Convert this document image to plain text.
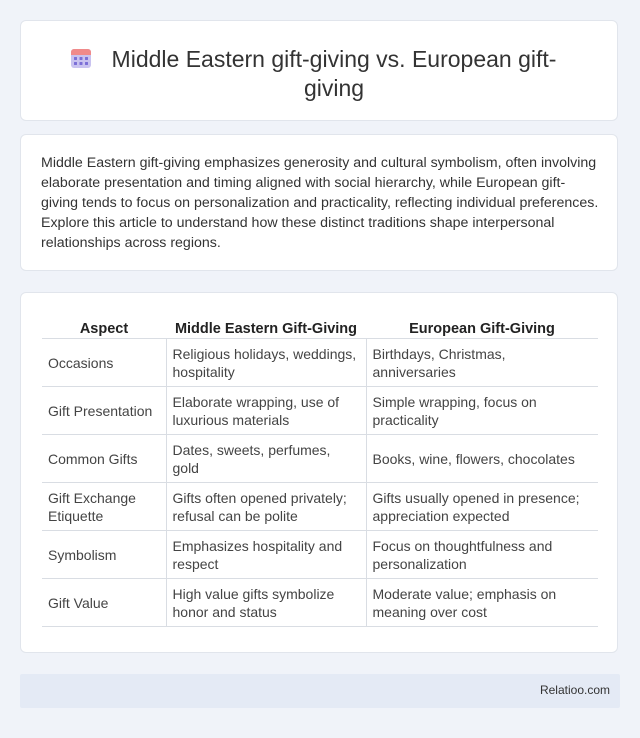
Middle Eastern gift-giving vs. European gift-giving
Middle Eastern gift-giving emphasizes generosity and cultural symbolism, often involving elaborate presentation and timing aligned with social hierarchy, while European gift-giving tends to focus on personalization and practicality, reflecting individual preferences. Explore this article to understand how these distinct traditions shape interpersonal relationships across regions.
Aspect	Middle Eastern Gift-Giving	European Gift-Giving
Occasions	Religious holidays, weddings, hospitality	Birthdays, Christmas, anniversaries
Gift Presentation	Elaborate wrapping, use of luxurious materials	Simple wrapping, focus on practicality
Common Gifts	Dates, sweets, perfumes, gold	Books, wine, flowers, chocolates
Gift Exchange Etiquette	Gifts often opened privately; refusal can be polite	Gifts usually opened in presence; appreciation expected
Symbolism	Emphasizes hospitality and respect	Focus on thoughtfulness and personalization
Gift Value	High value gifts symbolize honor and status	Moderate value; emphasis on meaning over cost
Relatioo.com
